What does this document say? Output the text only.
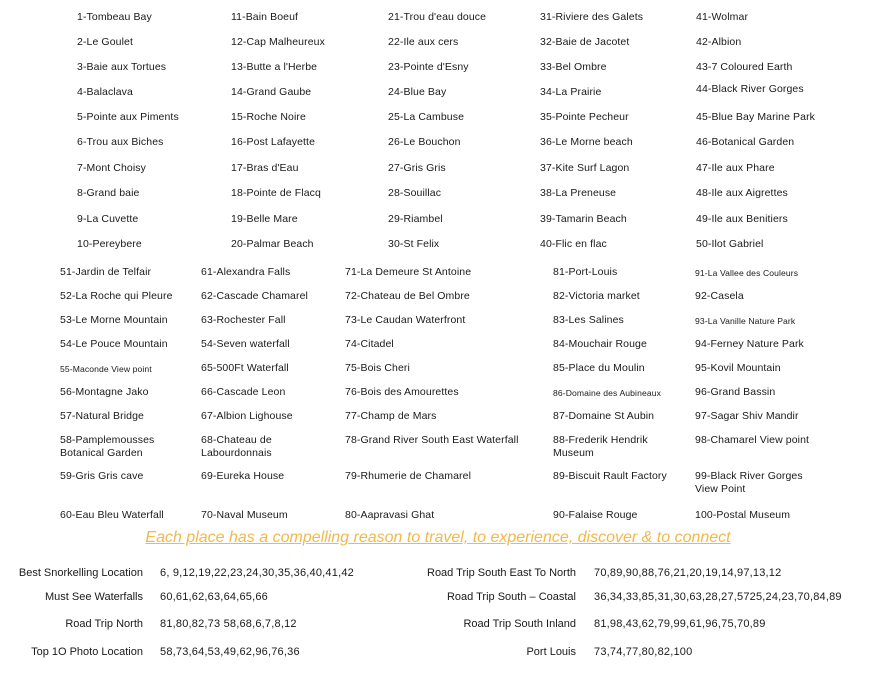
1-Tombeau Bay
2-Le Goulet
3-Baie aux Tortues
4-Balaclava
5-Pointe aux Piments
6-Trou aux Biches
7-Mont Choisy
8-Grand baie
9-La Cuvette
10-Pereybere
11-Bain Boeuf
12-Cap Malheureux
13-Butte a l'Herbe
14-Grand Gaube
15-Roche Noire
16-Post Lafayette
17-Bras d'Eau
18-Pointe de Flacq
19-Belle Mare
20-Palmar Beach
21-Trou d'eau douce
22-Ile aux cers
23-Pointe d'Esny
24-Blue Bay
25-La Cambuse
26-Le Bouchon
27-Gris Gris
28-Souillac
29-Riambel
30-St Felix
31-Riviere des Galets
32-Baie de Jacotet
33-Bel Ombre
34-La Prairie
35-Pointe Pecheur
36-Le Morne beach
37-Kite Surf Lagon
38-La Preneuse
39-Tamarin Beach
40-Flic en flac
41-Wolmar
42-Albion
43-7 Coloured Earth
44-Black River Gorges
45-Blue Bay Marine Park
46-Botanical Garden
47-Ile aux Phare
48-Ile aux Aigrettes
49-Ile aux Benitiers
50-Ilot Gabriel
51-Jardin de Telfair
52-La Roche qui Pleure
53-Le Morne Mountain
54-Le Pouce Mountain
55-Maconde View point
56-Montagne Jako
57-Natural Bridge
58-Pamplemousses Botanical Garden
59-Gris Gris cave
60-Eau Bleu Waterfall
61-Alexandra Falls
62-Cascade Chamarel
63-Rochester Fall
54-Seven waterfall
65-500Ft Waterfall
66-Cascade Leon
67-Albion Lighouse
68-Chateau de Labourdonnais
69-Eureka House
70-Naval Museum
71-La Demeure St Antoine
72-Chateau de Bel Ombre
73-Le Caudan Waterfront
74-Citadel
75-Bois Cheri
76-Bois des Amourettes
77-Champ de Mars
78-Grand River South East Waterfall
79-Rhumerie de Chamarel
80-Aapravasi Ghat
81-Port-Louis
82-Victoria market
83-Les Salines
84-Mouchair Rouge
85-Place du Moulin
86-Domaine des Aubineaux
87-Domaine St Aubin
88-Frederik Hendrik Museum
89-Biscuit Rault Factory
90-Falaise Rouge
91-La Vallee des Couleurs
92-Casela
93-La Vanille Nature Park
94-Ferney Nature Park
95-Kovil Mountain
96-Grand Bassin
97-Sagar Shiv Mandir
98-Chamarel View point
99-Black River Gorges View Point
100-Postal Museum
Each place has a compelling reason to travel, to experience, discover & to connect
Best Snorkelling Location 6, 9,12,19,22,23,24,30,35,36,40,41,42
Must See Waterfalls 60,61,62,63,64,65,66
Road Trip North 81,80,82,73 58,68,6,7,8,12
Top 1O Photo Location 58,73,64,53,49,62,96,76,36
Road Trip South East To North 70,89,90,88,76,21,20,19,14,97,13,12
Road Trip South – Coastal 36,34,33,85,31,30,63,28,27,5725,24,23,70,84,89
Road Trip South Inland 81,98,43,62,79,99,61,96,75,70,89
Port Louis 73,74,77,80,82,100
